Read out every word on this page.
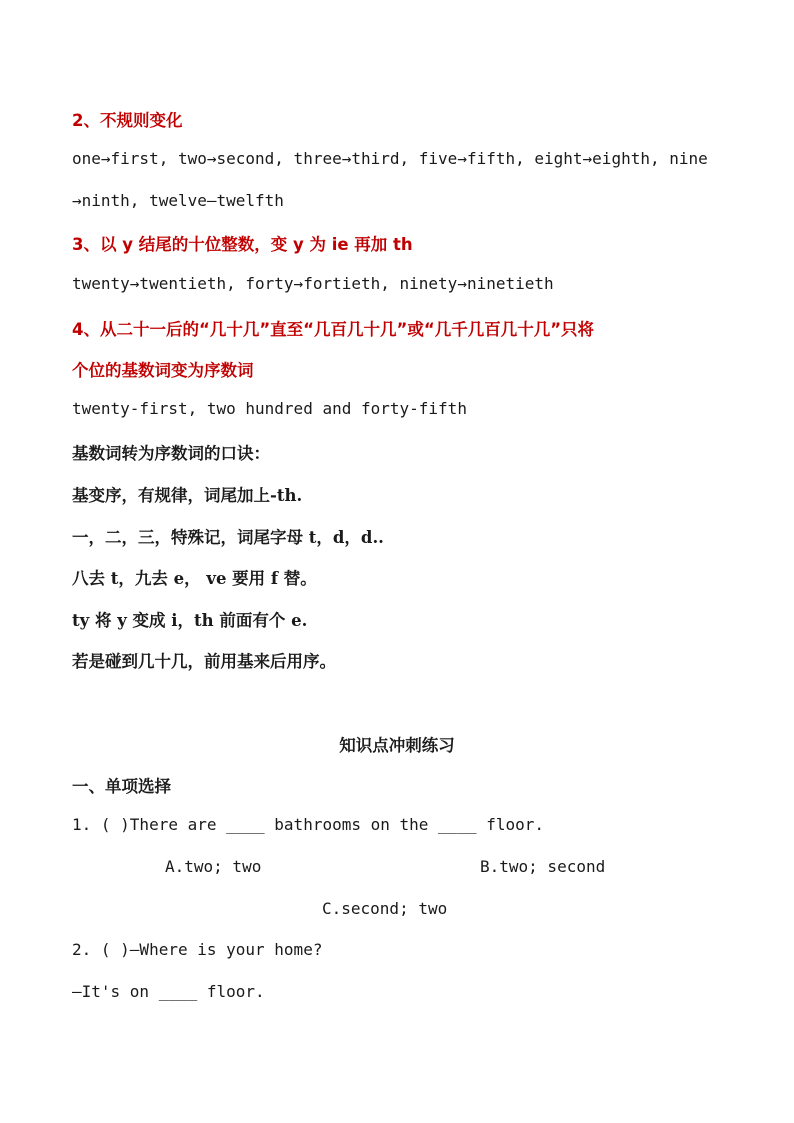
2、不规则变化
one→first, two→second, three→third, five→fifth, eight→eighth, nine
→ninth, twelve—twelfth
3、以 y 结尾的十位整数，变 y 为 ie 再加 th
twenty→twentieth, forty→fortieth, ninety→ninetieth
4、从二十一后的“几十几”直至“几百几十几”或“几千几百几十几”只将
个位的基数词变为序数词
twenty-first, two hundred and forty-fifth
基数词转为序数词的口诀：
基变序，有规律，词尾加上-th.
一，二，三，特殊记，词尾字母 t，d，d..
八去 t，九去 e， ve 要用 f 替。
ty 将 y 变成 i，th 前面有个 e.
若是碰到几十几，前用基来后用序。
知识点冲刺练习
一、单项选择
1. ( )There are ____ bathrooms on the ____ floor.
A.two; two	B.two; second
C.second; two
2. ( )—Where is your home?
—It's on ____ floor.
